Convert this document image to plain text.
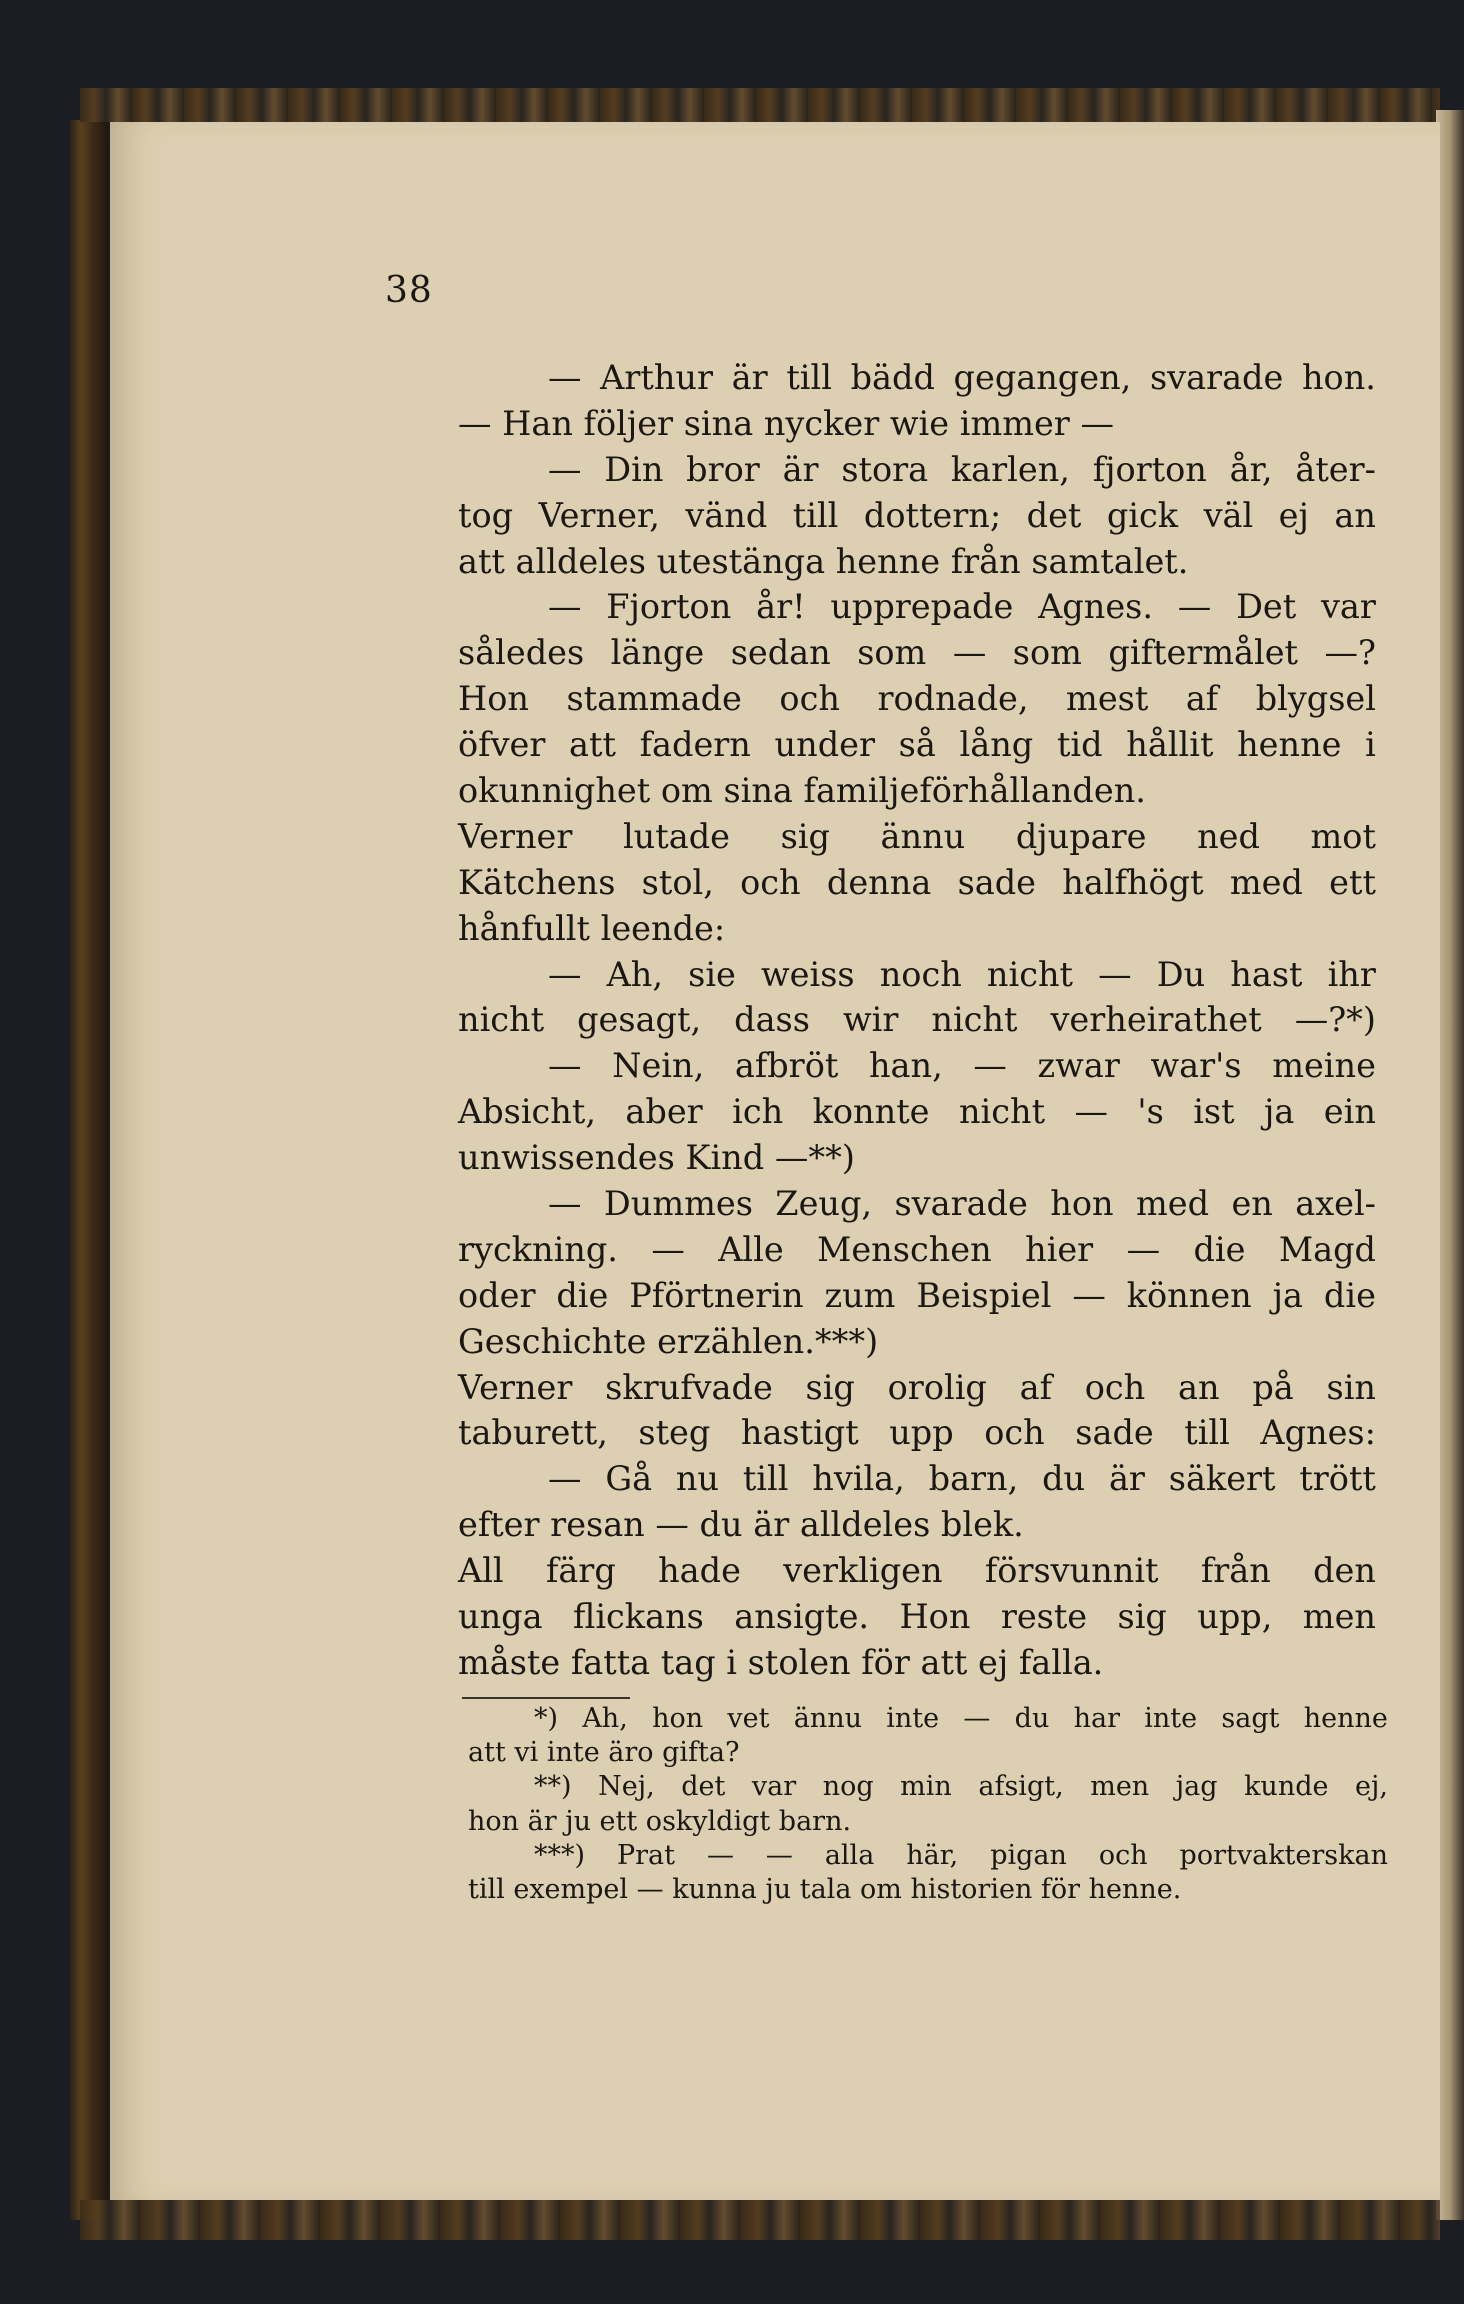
38
— Arthur är till bädd gegangen, svarade hon.
— Han följer sina nycker wie immer —
— Din bror är stora karlen, fjorton år, åter-
tog Verner, vänd till dottern; det gick väl ej an
att alldeles utestänga henne från samtalet.
— Fjorton år! upprepade Agnes. — Det var
således länge sedan som — som giftermålet —?
Hon stammade och rodnade, mest af blygsel
öfver att fadern under så lång tid hållit henne i
okunnighet om sina familjeförhållanden.
Verner lutade sig ännu djupare ned mot
Kätchens stol, och denna sade halfhögt med ett
hånfullt leende:
— Ah, sie weiss noch nicht — Du hast ihr
nicht gesagt, dass wir nicht verheirathet —?*)
— Nein, afbröt han, — zwar war's meine
Absicht, aber ich konnte nicht — 's ist ja ein
unwissendes Kind —**)
— Dummes Zeug, svarade hon med en axel-
ryckning. — Alle Menschen hier — die Magd
oder die Pförtnerin zum Beispiel — können ja die
Geschichte erzählen.***)
Verner skrufvade sig orolig af och an på sin
taburett, steg hastigt upp och sade till Agnes:
— Gå nu till hvila, barn, du är säkert trött
efter resan — du är alldeles blek.
All färg hade verkligen försvunnit från den
unga flickans ansigte. Hon reste sig upp, men
måste fatta tag i stolen för att ej falla.
*) Ah, hon vet ännu inte — du har inte sagt henne
att vi inte äro gifta?
**) Nej, det var nog min afsigt, men jag kunde ej,
hon är ju ett oskyldigt barn.
***) Prat — — alla här, pigan och portvakterskan
till exempel — kunna ju tala om historien för henne.
